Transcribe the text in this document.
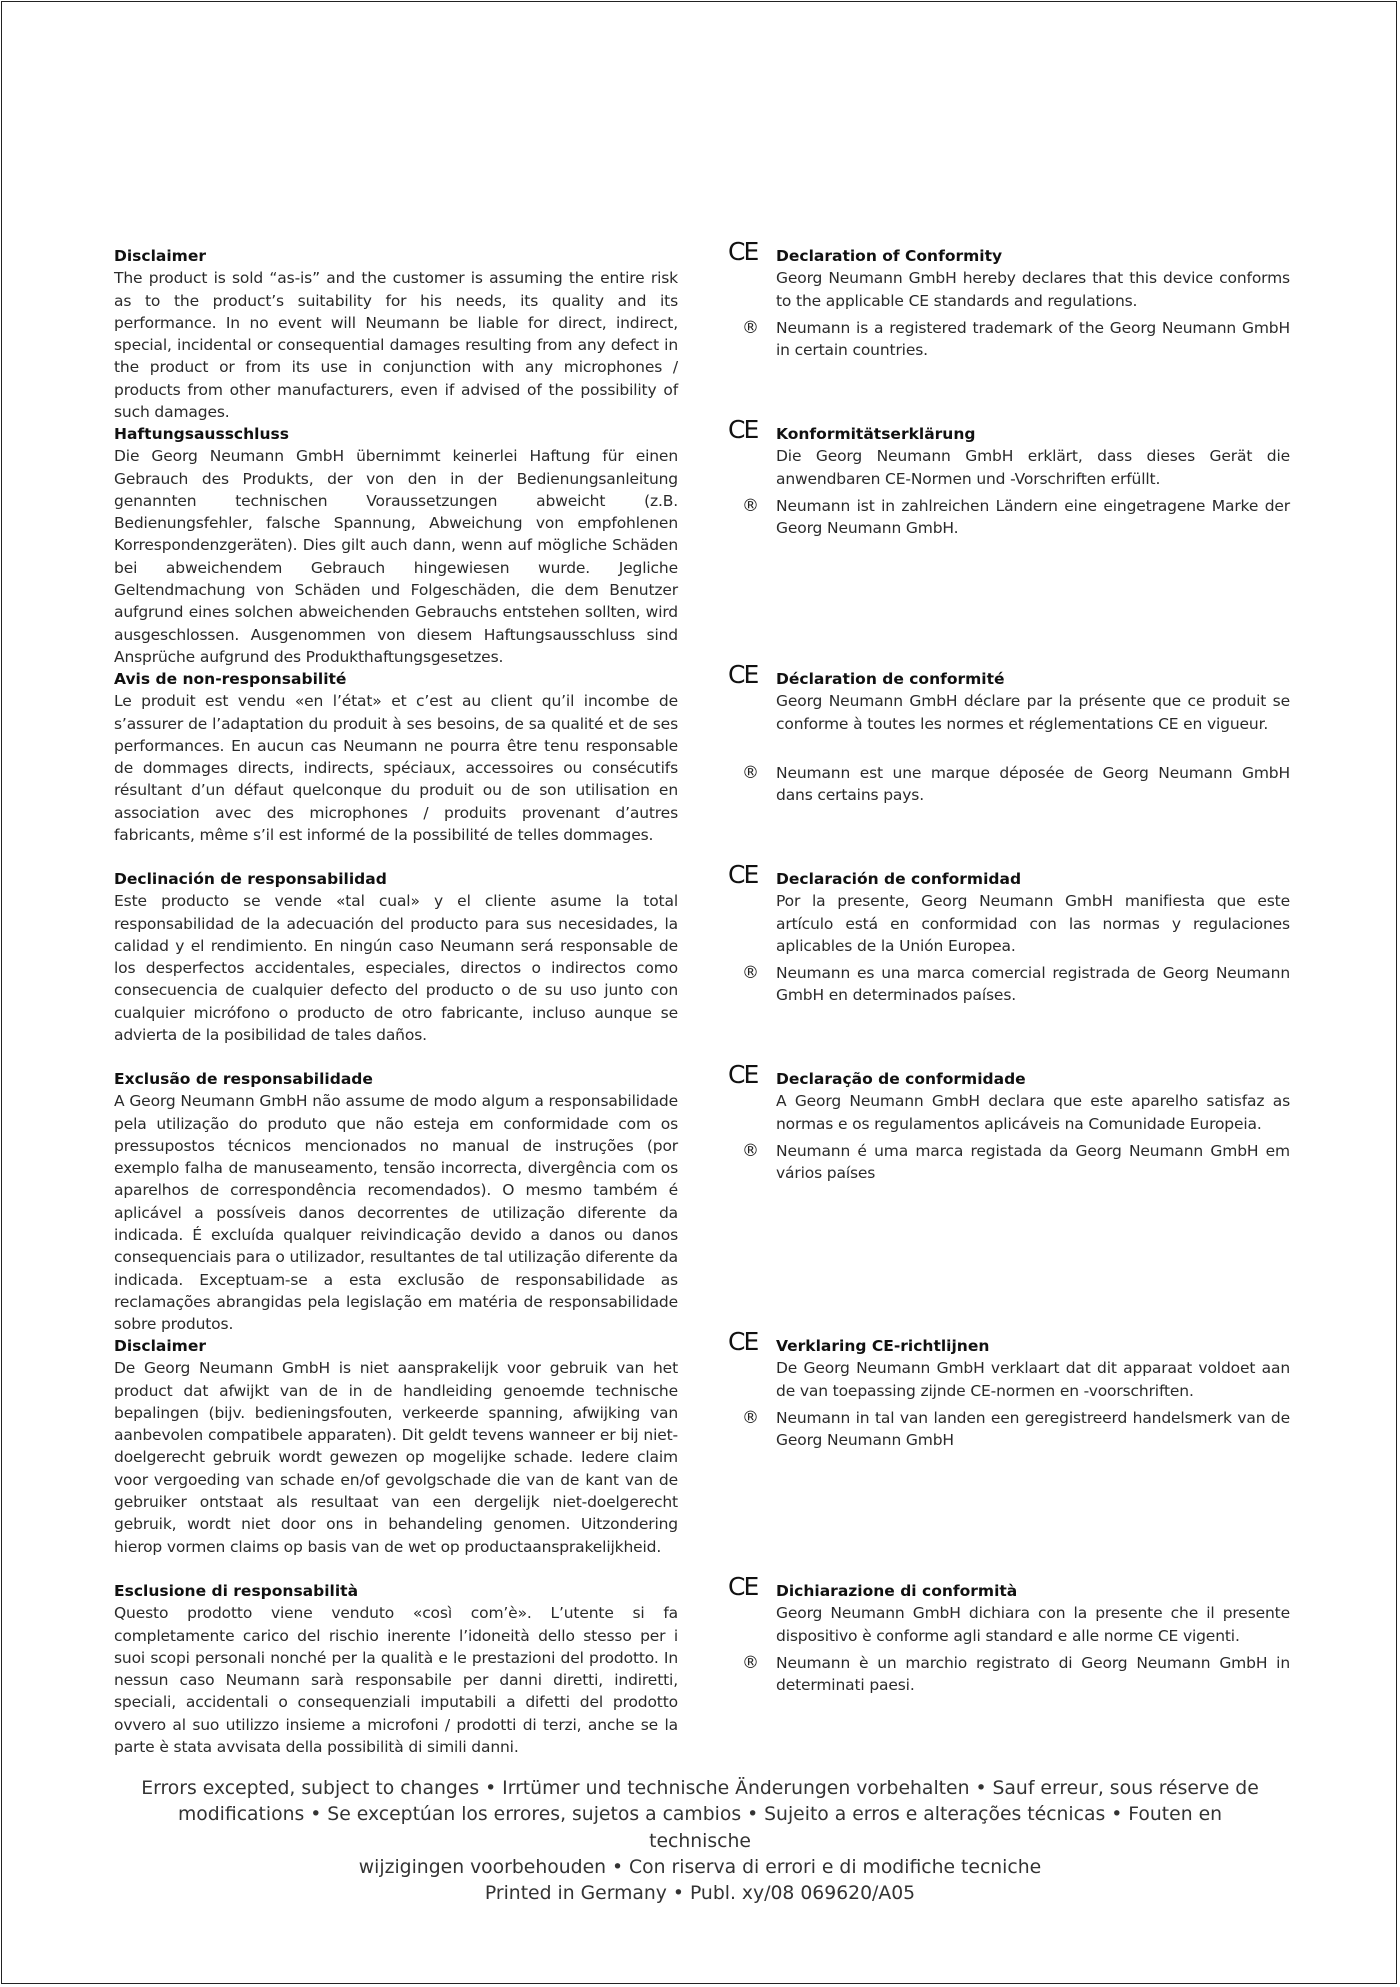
Disclaimer

The product is sold “as-is” and the customer is assuming the entire risk as to the product’s suitability for his needs, its quality and its performance. In no event will Neumann be liable for direct, indirect, special, incidental or consequential damages resulting from any defect in the product or from its use in conjunction with any microphones / products from other manufacturers, even if advised of the possibility of such damages.

Haftungsausschluss

Die Georg Neumann GmbH übernimmt keinerlei Haftung für einen Gebrauch des Produkts, der von den in der Bedienungsanleitung genannten technischen Voraussetzungen abweicht (z.B. Bedienungsfehler, falsche Spannung, Abweichung von empfohlenen Korrespondenzgeräten). Dies gilt auch dann, wenn auf mögliche Schäden bei abweichendem Gebrauch hingewiesen wurde. Jegliche Geltendmachung von Schäden und Folgeschäden, die dem Benutzer aufgrund eines solchen abweichenden Gebrauchs entstehen sollten, wird ausgeschlossen. Ausgenommen von diesem Haftungsausschluss sind Ansprüche aufgrund des Produkthaftungsgesetzes.

Avis de non-responsabilité

Le produit est vendu «en l’état» et c’est au client qu’il incombe de s’assurer de l’adaptation du produit à ses besoins, de sa qualité et de ses performances. En aucun cas Neumann ne pourra être tenu responsable de dommages directs, indirects, spéciaux, accessoires ou consécutifs résultant d’un défaut quelconque du produit ou de son utilisation en association avec des microphones / produits provenant d’autres fabricants, même s’il est informé de la possibilité de telles dommages.

Declinación de responsabilidad

Este producto se vende «tal cual» y el cliente asume la total responsabilidad de la adecuación del producto para sus necesidades, la calidad y el rendimiento. En ningún caso Neumann será responsable de los desperfectos accidentales, especiales, directos o indirectos como consecuencia de cualquier defecto del producto o de su uso junto con cualquier micrófono o producto de otro fabricante, incluso aunque se advierta de la posibilidad de tales daños.

Exclusão de responsabilidade

A Georg Neumann GmbH não assume de modo algum a responsabilidade pela utilização do produto que não esteja em conformidade com os pressupostos técnicos mencionados no manual de instruções (por exemplo falha de manuseamento, tensão incorrecta, divergência com os aparelhos de correspondência recomendados). O mesmo também é aplicável a possíveis danos decorrentes de utilização diferente da indicada. É excluída qualquer reivindicação devido a danos ou danos consequenciais para o utilizador, resultantes de tal utilização diferente da indicada. Exceptuam-se a esta exclusão de responsabilidade as reclamações abrangidas pela legislação em matéria de responsabilidade sobre produtos.

Disclaimer

De Georg Neumann GmbH is niet aansprakelijk voor gebruik van het product dat afwijkt van de in de handleiding genoemde technische bepalingen (bijv. bedieningsfouten, verkeerde spanning, afwijking van aanbevolen compatibele apparaten). Dit geldt tevens wanneer er bij niet-doelgerecht gebruik wordt gewezen op mogelijke schade. Iedere claim voor vergoeding van schade en/of gevolgschade die van de kant van de gebruiker ontstaat als resultaat van een dergelijk niet-doelgerecht gebruik, wordt niet door ons in behandeling genomen. Uitzondering hierop vormen claims op basis van de wet op productaansprakelijkheid.

Esclusione di responsabilità

Questo prodotto viene venduto «così com’è». L’utente si fa completamente carico del rischio inerente l’idoneità dello stesso per i suoi scopi personali nonché per la qualità e le prestazioni del prodotto. In nessun caso Neumann sarà responsabile per danni diretti, indiretti, speciali, accidentali o consequenziali imputabili a difetti del prodotto ovvero al suo utilizzo insieme a microfoni / prodotti di terzi, anche se la parte è stata avvisata della possibilità di simili danni.

CE Declaration of Conformity

Georg Neumann GmbH hereby declares that this device conforms to the applicable CE standards and regulations.

® Neumann is a registered trademark of the Georg Neumann GmbH in certain countries.

CE Konformitätserklärung

Die Georg Neumann GmbH erklärt, dass dieses Gerät die anwendbaren CE-Normen und -Vorschriften erfüllt.

® Neumann ist in zahlreichen Ländern eine eingetragene Marke der Georg Neumann GmbH.

CE Déclaration de conformité

Georg Neumann GmbH déclare par la présente que ce produit se conforme à toutes les normes et réglementations CE en vigueur.

® Neumann est une marque déposée de Georg Neumann GmbH dans certains pays.

CE Declaración de conformidad

Por la presente, Georg Neumann GmbH manifiesta que este artículo está en conformidad con las normas y regulaciones aplicables de la Unión Europea.

® Neumann es una marca comercial registrada de Georg Neumann GmbH en determinados países.

CE Declaração de conformidade

A Georg Neumann GmbH declara que este aparelho satisfaz as normas e os regulamentos aplicáveis na Comunidade Europeia.

® Neumann é uma marca registada da Georg Neumann GmbH em vários países

CE Verklaring CE-richtlijnen

De Georg Neumann GmbH verklaart dat dit apparaat voldoet aan de van toepassing zijnde CE-normen en -voorschriften.

® Neumann in tal van landen een geregistreerd handelsmerk van de Georg Neumann GmbH

CE Dichiarazione di conformità

Georg Neumann GmbH dichiara con la presente che il presente dispositivo è conforme agli standard e alle norme CE vigenti.

® Neumann è un marchio registrato di Georg Neumann GmbH in determinati paesi.

Errors excepted, subject to changes • Irrtümer und technische Änderungen vorbehalten • Sauf erreur, sous réserve de
modifications • Se exceptúan los errores, sujetos a cambios • Sujeito a erros e alterações técnicas • Fouten en technische
wijzigingen voorbehouden • Con riserva di errori e di modifiche tecniche
Printed in Germany • Publ. xy/08 069620/A05
